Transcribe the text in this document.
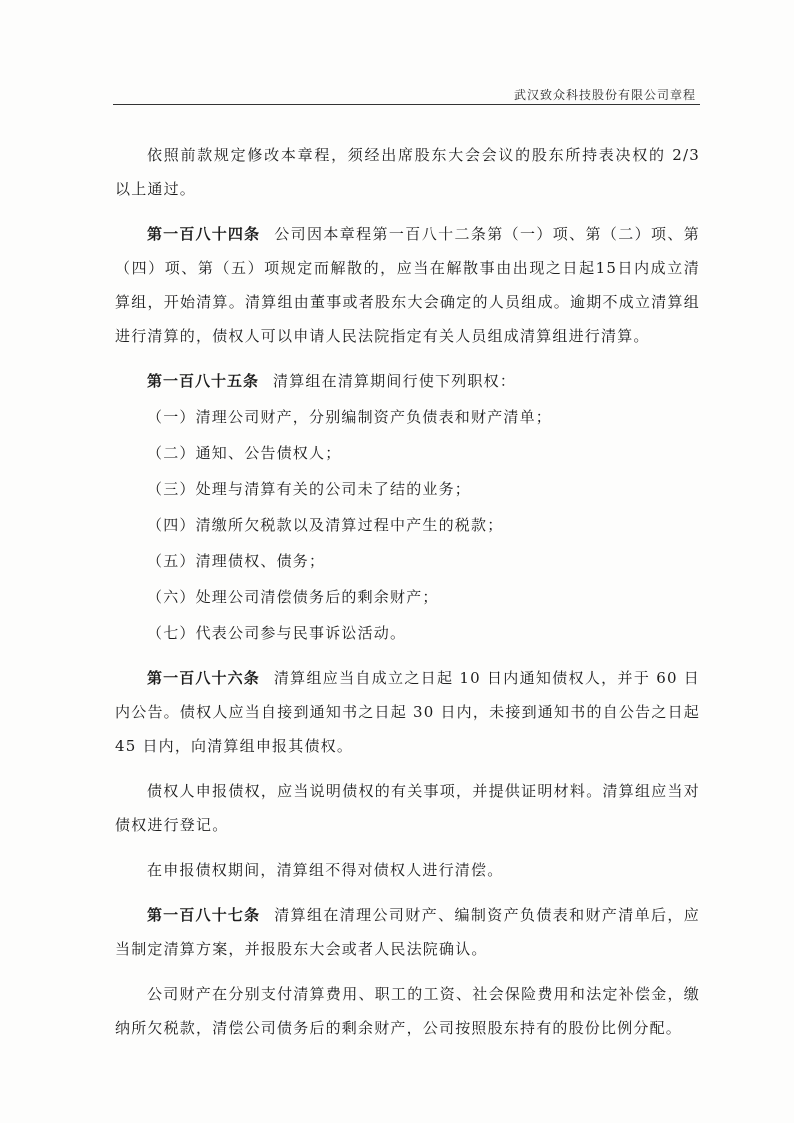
武汉致众科技股份有限公司章程

依照前款规定修改本章程，须经出席股东大会会议的股东所持表决权的 2/3 以上通过。

第一百八十四条 公司因本章程第一百八十二条第（一）项、第（二）项、第（四）项、第（五）项规定而解散的，应当在解散事由出现之日起15日内成立清算组，开始清算。清算组由董事或者股东大会确定的人员组成。逾期不成立清算组进行清算的，债权人可以申请人民法院指定有关人员组成清算组进行清算。

第一百八十五条 清算组在清算期间行使下列职权：

（一）清理公司财产，分别编制资产负债表和财产清单；

（二）通知、公告债权人；

（三）处理与清算有关的公司未了结的业务；

（四）清缴所欠税款以及清算过程中产生的税款；

（五）清理债权、债务；

（六）处理公司清偿债务后的剩余财产；

（七）代表公司参与民事诉讼活动。

第一百八十六条 清算组应当自成立之日起 10 日内通知债权人，并于 60 日内公告。债权人应当自接到通知书之日起 30 日内，未接到通知书的自公告之日起 45 日内，向清算组申报其债权。

债权人申报债权，应当说明债权的有关事项，并提供证明材料。清算组应当对债权进行登记。

在申报债权期间，清算组不得对债权人进行清偿。

第一百八十七条 清算组在清理公司财产、编制资产负债表和财产清单后，应当制定清算方案，并报股东大会或者人民法院确认。

公司财产在分别支付清算费用、职工的工资、社会保险费用和法定补偿金，缴纳所欠税款，清偿公司债务后的剩余财产，公司按照股东持有的股份比例分配。
